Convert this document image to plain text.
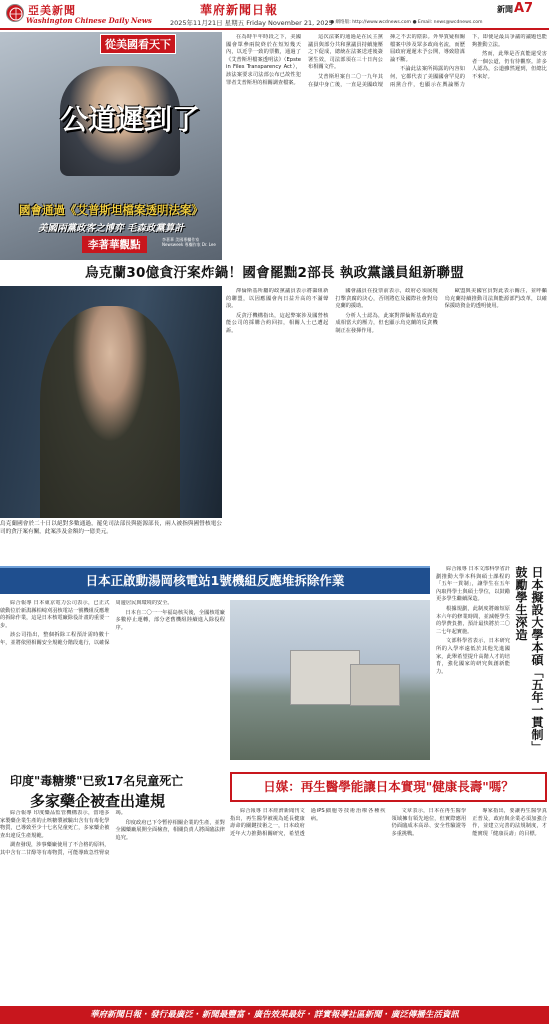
亞美新聞
Washington Chinese Daily News
華府新聞日報
2025年11月21日 星期五 Friday November 21, 2025
● 網络版: http://www.wcdnews.com ● Email: news@wcdnews.com
新聞 A7
從美國看天下
公道遲到了
國會通過《艾普斯坦檔案透明法案》
美國兩黨政客之博弈 毛森政黨算計
李著華觀點	李著華 美國專欄作家 Newsweek 專欄作家 Dr. Lee

在為時半年時段之下，美國國會眾參兩院終於在短短幾天內，以近乎一致的票數，通過了《艾普斯坦檔案透明法》（Epstein Files Transparency Act），該法案要求司法部公布已故性犯罪者艾普斯坦的相關調查檔案。

這次法案的通過是在民主黨議員與部分共和黨議員持續施壓之下促成，總統在法案送達後簽署生效，司法部須在三十日內公布相關文件。

艾普斯坦案自二〇一九年其在獄中身亡後，一直是美國政壇揮之不去的陰影。外界質疑相關檔案中涉及眾多政商名流，而歷屆政府遲遲未予公開，導致陰謀論不斷。

不論此法案所揭露的內容如何，它都代表了美國國會罕見的兩黨合作，也顯示在輿論壓力下，即使是最具爭議的議題也能夠推動立法。

然而，此舉是否真能還受害者一個公道，仍有待觀察。許多人認為，公道雖然遲到，但總比不來好。

烏克蘭30億貪汙案炸鍋！國會罷黜2部長 執政黨議員組新聯盟
烏克蘭國會於二十日以絕對多數通過，罷免司法部長與能源部長，兩人被指與國營核電公司的貪汙案有關，此案涉及金額約一億美元。

澤倫斯基所屬的政黨議員表示將籌組新的聯盟，以因應國會內日益升高的不滿聲浪。

反貪汙機構指出，這起弊案涉及國營核能公司的採購合約回扣，相關人士已遭起訴。

國會議員在投票前表示，政府必須展現打擊貪腐的決心，否則將危及國際社會對烏克蘭的援助。

分析人士認為，此案對澤倫斯基政府造成相當大的壓力，但也顯示烏克蘭的反貪機制正在發揮作用。

歐盟與美國官員對此表示關注，並呼籲烏克蘭持續推動司法與能源部門改革，以確保援助資金的透明使用。

日本正啟動湯岡核電站1號機組反應堆拆除作業

綜合報導 日本東京電力公司表示，已正式啟動位於新潟縣柏崎刈羽核電站一號機組反應堆的拆除作業，這是日本核電廠除役計畫的重要一步。

該公司指出，整個拆除工程預計需時數十年，並將依照相關安全規範分階段進行，以確保周邊居民與環境的安全。

日本自二〇一一年福島核災後，全國核電廠多數停止運轉，部分老舊機組陸續進入除役程序。	日本擬設大學本碩「五年一貫制」鼓勵學生深造

綜合報導 日本文部科學省計劃推動大學本科與碩士課程的「五年一貫制」，讓學生在五年內取得學士與碩士學位，以鼓勵更多學生繼續深造。

根據規劃，此制度將縮短原本六年的修業時間，並減輕學生的學費負擔，預計最快將於二〇二七年起實施。

文部科學省表示，日本研究所的入學率遠低於其他先進國家，此舉希望提升高階人才的培育，強化國家的研究與創新能力。

印度"毒糖漿"已致17名兒童死亡
多家藥企被查出違規

綜合報導 印度藥品監管機構表示，當地多家製藥企業生產的止咳糖漿被驗出含有有毒化學物質，已導致至少十七名兒童死亡，多家藥企被查出違反生產規範。

調查發現，涉事藥廠使用了不合格的原料，其中含有二甘醇等有毒物質，可能導致急性腎衰竭。

印度政府已下令暫停相關企業的生產，並對全國藥廠展開全面檢查，相關負責人將面臨法律追究。

日媒：再生醫學能讓日本實現"健康長壽"嗎？

綜合報導 日本經濟新聞刊文指出，再生醫學被視為延長健康壽命的關鍵技術之一，日本政府近年大力推動相關研究，希望透過iPS細胞等技術治療各種疾病。

文章表示，日本在再生醫學領域擁有領先地位，但實際應用仍面臨成本高昂、安全性驗證等多重挑戰。

專家指出，要讓再生醫學真正普及，政府與企業必須加強合作，並建立完善的法規制度，才能實現「健康長壽」的目標。

華府新聞日報 · 發行最廣泛 · 新聞最豐富 · 廣告效果最好 · 詳實報導社區新聞 · 廣泛傳播生活資訊
